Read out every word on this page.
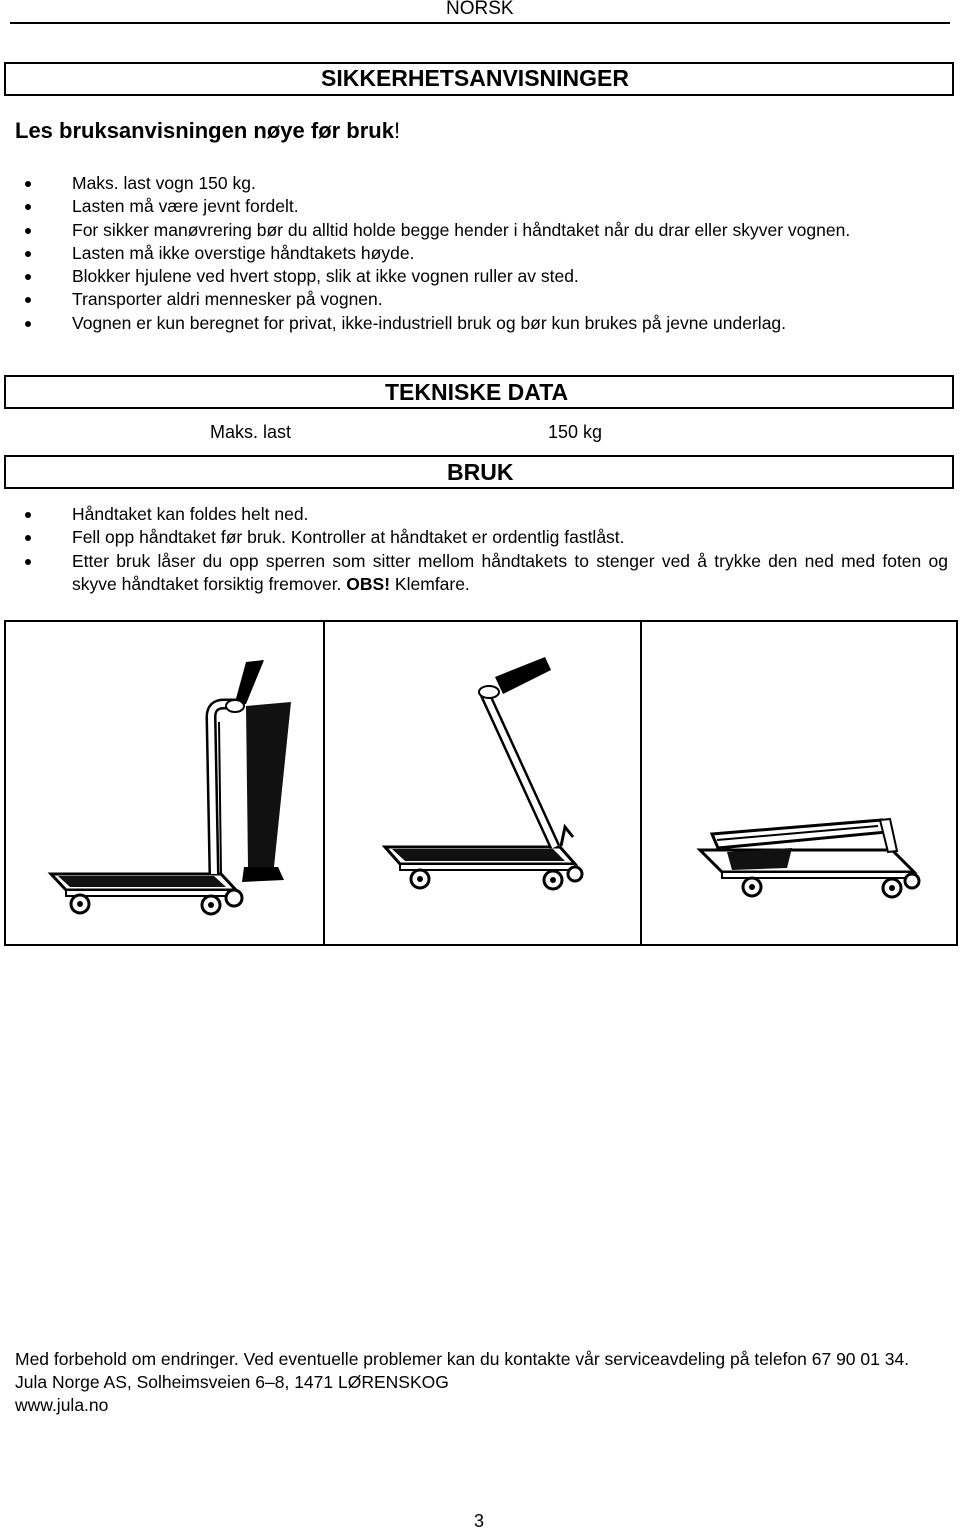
NORSK
SIKKERHETSANVISNINGER
Les bruksanvisningen nøye før bruk!
Maks. last vogn 150 kg.
Lasten må være jevnt fordelt.
For sikker manøvrering bør du alltid holde begge hender i håndtaket når du drar eller skyver vognen.
Lasten må ikke overstige håndtakets høyde.
Blokker hjulene ved hvert stopp, slik at ikke vognen ruller av sted.
Transporter aldri mennesker på vognen.
Vognen er kun beregnet for privat, ikke-industriell bruk og bør kun brukes på jevne underlag.
TEKNISKE DATA
Maks. last	150 kg
BRUK
Håndtaket kan foldes helt ned.
Fell opp håndtaket før bruk. Kontroller at håndtaket er ordentlig fastlåst.
Etter bruk låser du opp sperren som sitter mellom håndtakets to stenger ved å trykke den ned med foten og skyve håndtaket forsiktig fremover. OBS! Klemfare.

Med forbehold om endringer. Ved eventuelle problemer kan du kontakte vår serviceavdeling på telefon 67 90 01 34.

Jula Norge AS, Solheimsveien 6–8, 1471 LØRENSKOG

www.jula.no

3
